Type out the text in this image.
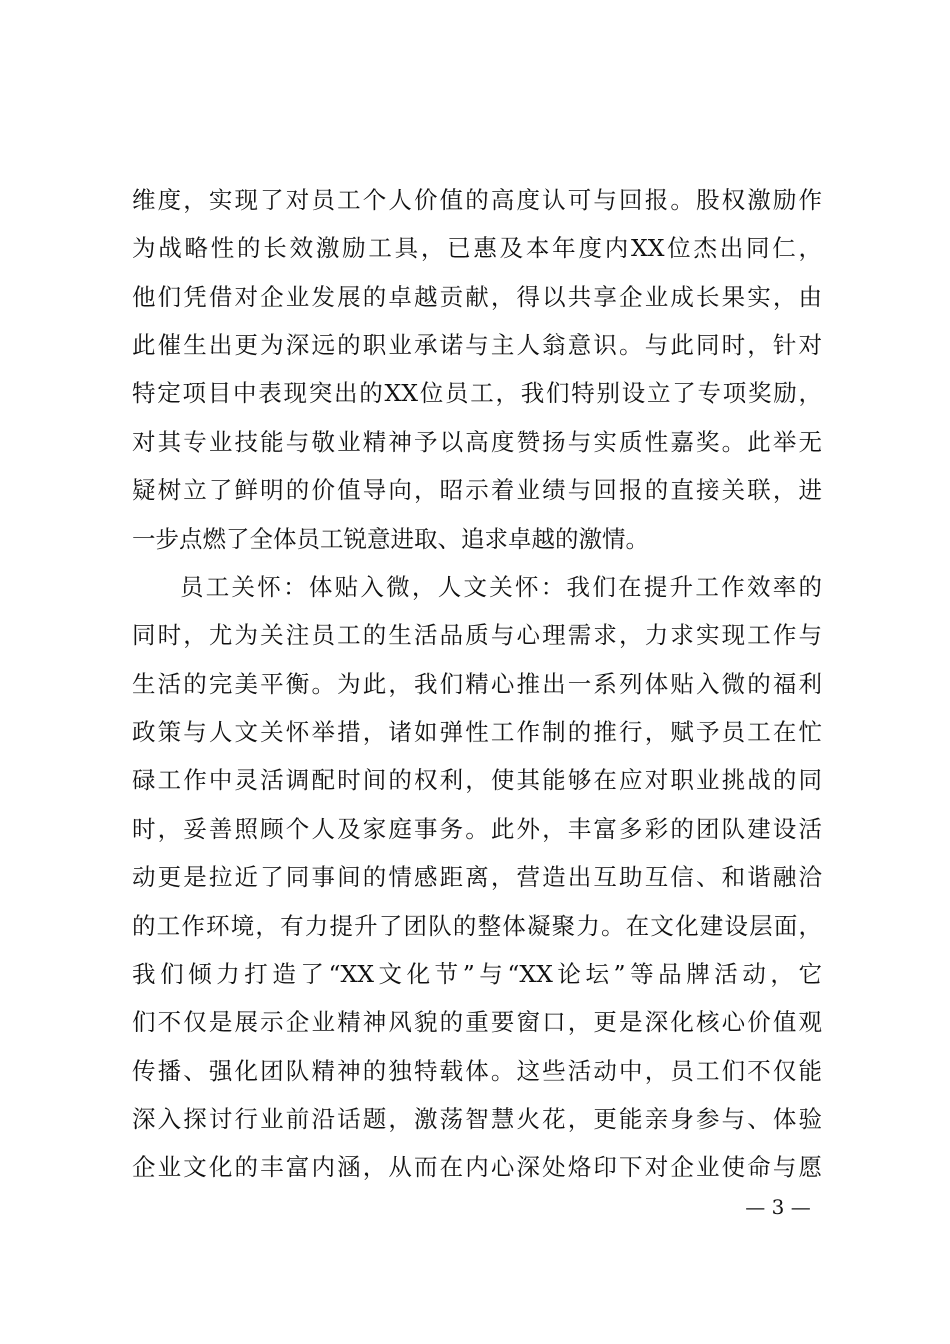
维度，实现了对员工个人价值的高度认可与回报。股权激励作
为战略性的长效激励工具，已惠及本年度内XX位杰出同仁，
他们凭借对企业发展的卓越贡献，得以共享企业成长果实，由
此催生出更为深远的职业承诺与主人翁意识。与此同时，针对
特定项目中表现突出的XX位员工，我们特别设立了专项奖励，
对其专业技能与敬业精神予以高度赞扬与实质性嘉奖。此举无
疑树立了鲜明的价值导向，昭示着业绩与回报的直接关联，进
一步点燃了全体员工锐意进取、追求卓越的激情。
员工关怀：体贴入微，人文关怀：我们在提升工作效率的
同时，尤为关注员工的生活品质与心理需求，力求实现工作与
生活的完美平衡。为此，我们精心推出一系列体贴入微的福利
政策与人文关怀举措，诸如弹性工作制的推行，赋予员工在忙
碌工作中灵活调配时间的权利，使其能够在应对职业挑战的同
时，妥善照顾个人及家庭事务。此外，丰富多彩的团队建设活
动更是拉近了同事间的情感距离，营造出互助互信、和谐融洽
的工作环境，有力提升了团队的整体凝聚力。在文化建设层面，
我们倾力打造了“XX文化节”与“XX论坛”等品牌活动，它
们不仅是展示企业精神风貌的重要窗口，更是深化核心价值观
传播、强化团队精神的独特载体。这些活动中，员工们不仅能
深入探讨行业前沿话题，激荡智慧火花，更能亲身参与、体验
企业文化的丰富内涵，从而在内心深处烙印下对企业使命与愿
— 3 —
